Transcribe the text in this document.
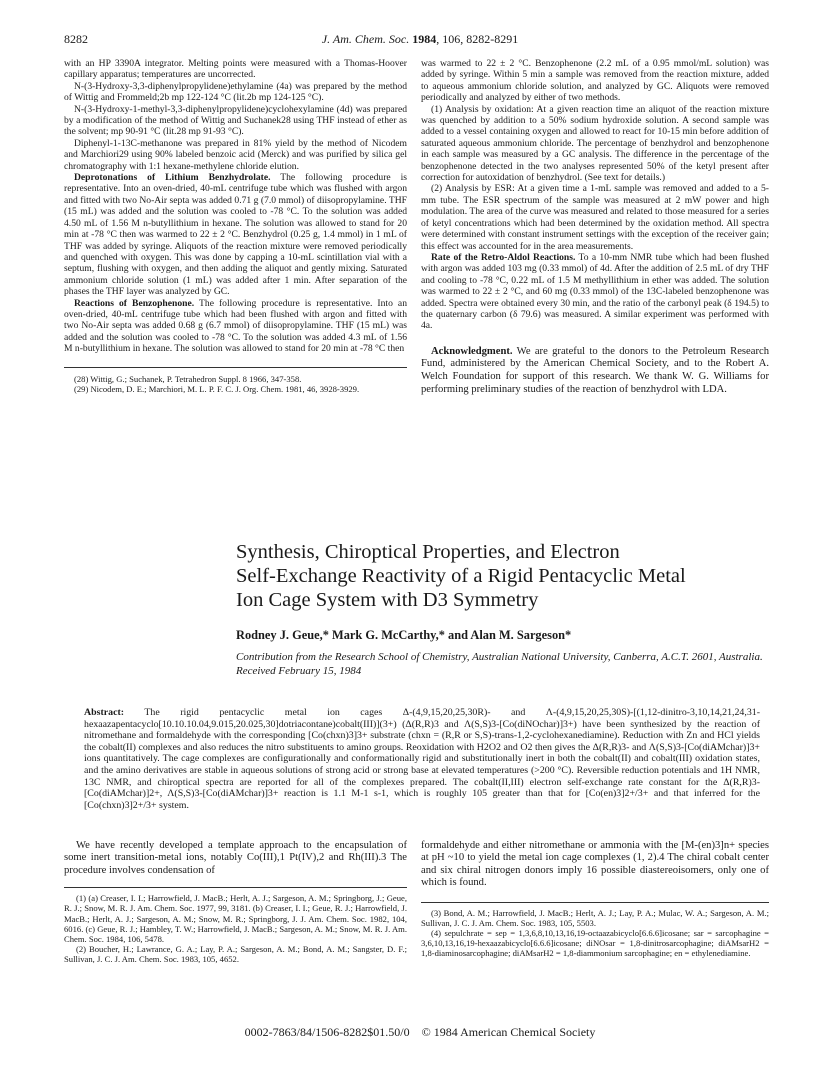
8282	J. Am. Chem. Soc. 1984, 106, 8282-8291

with an HP 3390A integrator. Melting points were measured with a Thomas-Hoover capillary apparatus; temperatures are uncorrected.

N-(3-Hydroxy-3,3-diphenylpropylidene)ethylamine (4a) was prepared by the method of Wittig and Frommeld;2b mp 122-124 °C (lit.2b mp 124-125 °C).

N-(3-Hydroxy-1-methyl-3,3-diphenylpropylidene)cyclohexylamine (4d) was prepared by a modification of the method of Wittig and Suchanek28 using THF instead of ether as the solvent; mp 90-91 °C (lit.28 mp 91-93 °C).

Diphenyl-1-13C-methanone was prepared in 81% yield by the method of Nicodem and Marchiori29 using 90% labeled benzoic acid (Merck) and was purified by silica gel chromatography with 1:1 hexane-methylene chloride elution.

Deprotonations of Lithium Benzhydrolate. The following procedure is representative. Into an oven-dried, 40-mL centrifuge tube which was flushed with argon and fitted with two No-Air septa was added 0.71 g (7.0 mmol) of diisopropylamine. THF (15 mL) was added and the solution was cooled to -78 °C. To the solution was added 4.50 mL of 1.56 M n-butyllithium in hexane. The solution was allowed to stand for 20 min at -78 °C then was warmed to 22 ± 2 °C. Benzhydrol (0.25 g, 1.4 mmol) in 1 mL of THF was added by syringe. Aliquots of the reaction mixture were removed periodically and quenched with oxygen. This was done by capping a 10-mL scintillation vial with a septum, flushing with oxygen, and then adding the aliquot and gently mixing. Saturated ammonium chloride solution (1 mL) was added after 1 min. After separation of the phases the THF layer was analyzed by GC.

Reactions of Benzophenone. The following procedure is representative. Into an oven-dried, 40-mL centrifuge tube which had been flushed with argon and fitted with two No-Air septa was added 0.68 g (6.7 mmol) of diisopropylamine. THF (15 mL) was added and the solution was cooled to -78 °C. To the solution was added 4.3 mL of 1.56 M n-butyllithium in hexane. The solution was allowed to stand for 20 min at -78 °C then

(28) Wittig, G.; Suchanek, P. Tetrahedron Suppl. 8 1966, 347-358.

(29) Nicodem, D. E.; Marchiori, M. L. P. F. C. J. Org. Chem. 1981, 46, 3928-3929.

was warmed to 22 ± 2 °C. Benzophenone (2.2 mL of a 0.95 mmol/mL solution) was added by syringe. Within 5 min a sample was removed from the reaction mixture, added to aqueous ammonium chloride solution, and analyzed by GC. Aliquots were removed periodically and analyzed by either of two methods.

(1) Analysis by oxidation: At a given reaction time an aliquot of the reaction mixture was quenched by addition to a 50% sodium hydroxide solution. A second sample was added to a vessel containing oxygen and allowed to react for 10-15 min before addition of saturated aqueous ammonium chloride. The percentage of benzhydrol and benzophenone in each sample was measured by a GC analysis. The difference in the percentage of the benzophenone detected in the two analyses represented 50% of the ketyl present after correction for autoxidation of benzhydrol. (See text for details.)

(2) Analysis by ESR: At a given time a 1-mL sample was removed and added to a 5-mm tube. The ESR spectrum of the sample was measured at 2 mW power and high modulation. The area of the curve was measured and related to those measured for a series of ketyl concentrations which had been determined by the oxidation method. All spectra were determined with constant instrument settings with the exception of the receiver gain; this effect was accounted for in the area measurements.

Rate of the Retro-Aldol Reactions. To a 10-mm NMR tube which had been flushed with argon was added 103 mg (0.33 mmol) of 4d. After the addition of 2.5 mL of dry THF and cooling to -78 °C, 0.22 mL of 1.5 M methyllithium in ether was added. The solution was warmed to 22 ± 2 °C, and 60 mg (0.33 mmol) of the 13C-labeled benzophenone was added. Spectra were obtained every 30 min, and the ratio of the carbonyl peak (δ 194.5) to the quaternary carbon (δ 79.6) was measured. A similar experiment was performed with 4a.

Acknowledgment. We are grateful to the donors to the Petroleum Research Fund, administered by the American Chemical Society, and to the Robert A. Welch Foundation for support of this research. We thank W. G. Williams for performing preliminary studies of the reaction of benzhydrol with LDA.

Synthesis, Chiroptical Properties, and Electron
Self-Exchange Reactivity of a Rigid Pentacyclic Metal
Ion Cage System with D3 Symmetry
Rodney J. Geue,* Mark G. McCarthy,* and Alan M. Sargeson*
Contribution from the Research School of Chemistry, Australian National University, Canberra, A.C.T. 2601, Australia. Received February 15, 1984
Abstract: The rigid pentacyclic metal ion cages Δ-(4,9,15,20,25,30R)- and Λ-(4,9,15,20,25,30S)-[(1,12-dinitro-3,10,14,21,24,31-hexaazapentacyclo[10.10.10.04,9.015,20.025,30]dotriacontane)cobalt(III)](3+) (Δ(R,R)3 and Λ(S,S)3-[Co(diNOchar)]3+) have been synthesized by the reaction of nitromethane and formaldehyde with the corresponding [Co(chxn)3]3+ substrate (chxn = (R,R or S,S)-trans-1,2-cyclohexanediamine). Reduction with Zn and HCl yields the cobalt(II) complexes and also reduces the nitro substituents to amino groups. Reoxidation with H2O2 and O2 then gives the Δ(R,R)3- and Λ(S,S)3-[Co(diAMchar)]3+ ions quantitatively. The cage complexes are configurationally and conformationally rigid and substitutionally inert in both the cobalt(II) and cobalt(III) oxidation states, and the amino derivatives are stable in aqueous solutions of strong acid or strong base at elevated temperatures (>200 °C). Reversible reduction potentials and 1H NMR, 13C NMR, and chiroptical spectra are reported for all of the complexes prepared. The cobalt(II,III) electron self-exchange rate constant for the Δ(R,R)3-[Co(diAMchar)]2+, Λ(S,S)3-[Co(diAMchar)]3+ reaction is 1.1 M-1 s-1, which is roughly 105 greater than that for [Co(en)3]2+/3+ and that inferred for the [Co(chxn)3]2+/3+ system.

We have recently developed a template approach to the encapsulation of some inert transition-metal ions, notably Co(III),1 Pt(IV),2 and Rh(III).3 The procedure involves condensation of

(1) (a) Creaser, I. I.; Harrowfield, J. MacB.; Herlt, A. J.; Sargeson, A. M.; Springborg, J.; Geue, R. J.; Snow, M. R. J. Am. Chem. Soc. 1977, 99, 3181. (b) Creaser, I. I.; Geue, R. J.; Harrowfield, J. MacB.; Herlt, A. J.; Sargeson, A. M.; Snow, M. R.; Springborg, J. J. Am. Chem. Soc. 1982, 104, 6016. (c) Geue, R. J.; Hambley, T. W.; Harrowfield, J. MacB.; Sargeson, A. M.; Snow, M. R. J. Am. Chem. Soc. 1984, 106, 5478.

(2) Boucher, H.; Lawrance, G. A.; Lay, P. A.; Sargeson, A. M.; Bond, A. M.; Sangster, D. F.; Sullivan, J. C. J. Am. Chem. Soc. 1983, 105, 4652.

formaldehyde and either nitromethane or ammonia with the [M-(en)3]n+ species at pH ~10 to yield the metal ion cage complexes (1, 2).4 The chiral cobalt center and six chiral nitrogen donors imply 16 possible diastereoisomers, only one of which is found.

(3) Bond, A. M.; Harrowfield, J. MacB.; Herlt, A. J.; Lay, P. A.; Mulac, W. A.; Sargeson, A. M.; Sullivan, J. C. J. Am. Chem. Soc. 1983, 105, 5503.

(4) sepulchrate = sep = 1,3,6,8,10,13,16,19-octaazabicyclo[6.6.6]icosane; sar = sarcophagine = 3,6,10,13,16,19-hexaazabicyclo[6.6.6]icosane; diNOsar = 1,8-dinitrosarcophagine; diAMsarH2 = 1,8-diaminosarcophagine; diAMsarH2 = 1,8-diammonium sarcophagine; en = ethylenediamine.

0002-7863/84/1506-8282$01.50/0 © 1984 American Chemical Society
